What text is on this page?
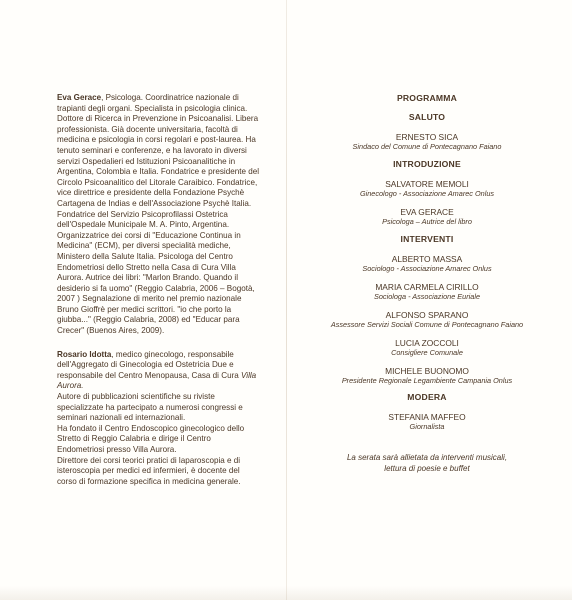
Eva Gerace, Psicologa. Coordinatrice nazionale di trapianti degli organi. Specialista in psicologia clinica. Dottore di Ricerca in Prevenzione in Psicoanalisi. Libera professionista. Già docente universitaria, facoltà di medicina e psicologia in corsi regolari e post-laurea. Ha tenuto seminari e conferenze, e ha lavorato in diversi servizi Ospedalieri ed Istituzioni Psicoanalitiche in Argentina, Colombia e Italia. Fondatrice e presidente del Circolo Psicoanalitico del Litorale Caraibico. Fondatrice, vice direttrice e presidente della Fondazione Psychè Cartagena de Indias e dell'Associazione Psychè Italia. Fondatrice del Servizio Psicoprofilassi Ostetrica dell'Ospedale Municipale M. A. Pinto, Argentina. Organizzatrice dei corsi di "Educazione Continua in Medicina" (ECM), per diversi specialità mediche, Ministero della Salute Italia. Psicologa del Centro Endometriosi dello Stretto nella Casa di Cura Villa Aurora. Autrice dei libri: "Marlon Brando. Quando il desiderio si fa uomo" (Reggio Calabria, 2006 – Bogotà, 2007 ) Segnalazione di merito nel premio nazionale Bruno Gioffrè per medici scrittori. "io che porto la giubba..." (Reggio Calabria, 2008) ed "Educar para Crecer" (Buenos Aires, 2009).

Rosario Idotta, medico ginecologo, responsabile dell'Aggregato di Ginecologia ed Ostetricia Due e responsabile del Centro Menopausa, Casa di Cura Villa Aurora.

Autore di pubblicazioni scientifiche su riviste specializzate ha partecipato a numerosi congressi e seminari nazionali ed internazionali.

Ha fondato il Centro Endoscopico ginecologico dello Stretto di Reggio Calabria e dirige il Centro Endometriosi presso Villa Aurora.

Direttore dei corsi teorici pratici di laparoscopia e di isteroscopia per medici ed infermieri, è docente del corso di formazione specifica in medicina generale.

PROGRAMMA

SALUTO

ERNESTO SICA

Sindaco del Comune di Pontecagnano Faiano

INTRODUZIONE

SALVATORE MEMOLI

Ginecologo - Associazione Amarec Onlus

EVA GERACE

Psicologa – Autrice del libro

INTERVENTI

ALBERTO MASSA

Sociologo - Associazione Amarec Onlus

MARIA CARMELA CIRILLO

Sociologa - Associazione Euriale

ALFONSO SPARANO

Assessore Servizi Sociali Comune di Pontecagnano Faiano

LUCIA ZOCCOLI

Consigliere Comunale

MICHELE BUONOMO

Presidente Regionale Legambiente Campania Onlus

MODERA

STEFANIA MAFFEO

Giornalista

La serata sarà allietata da interventi musicali,

lettura di poesie e buffet
